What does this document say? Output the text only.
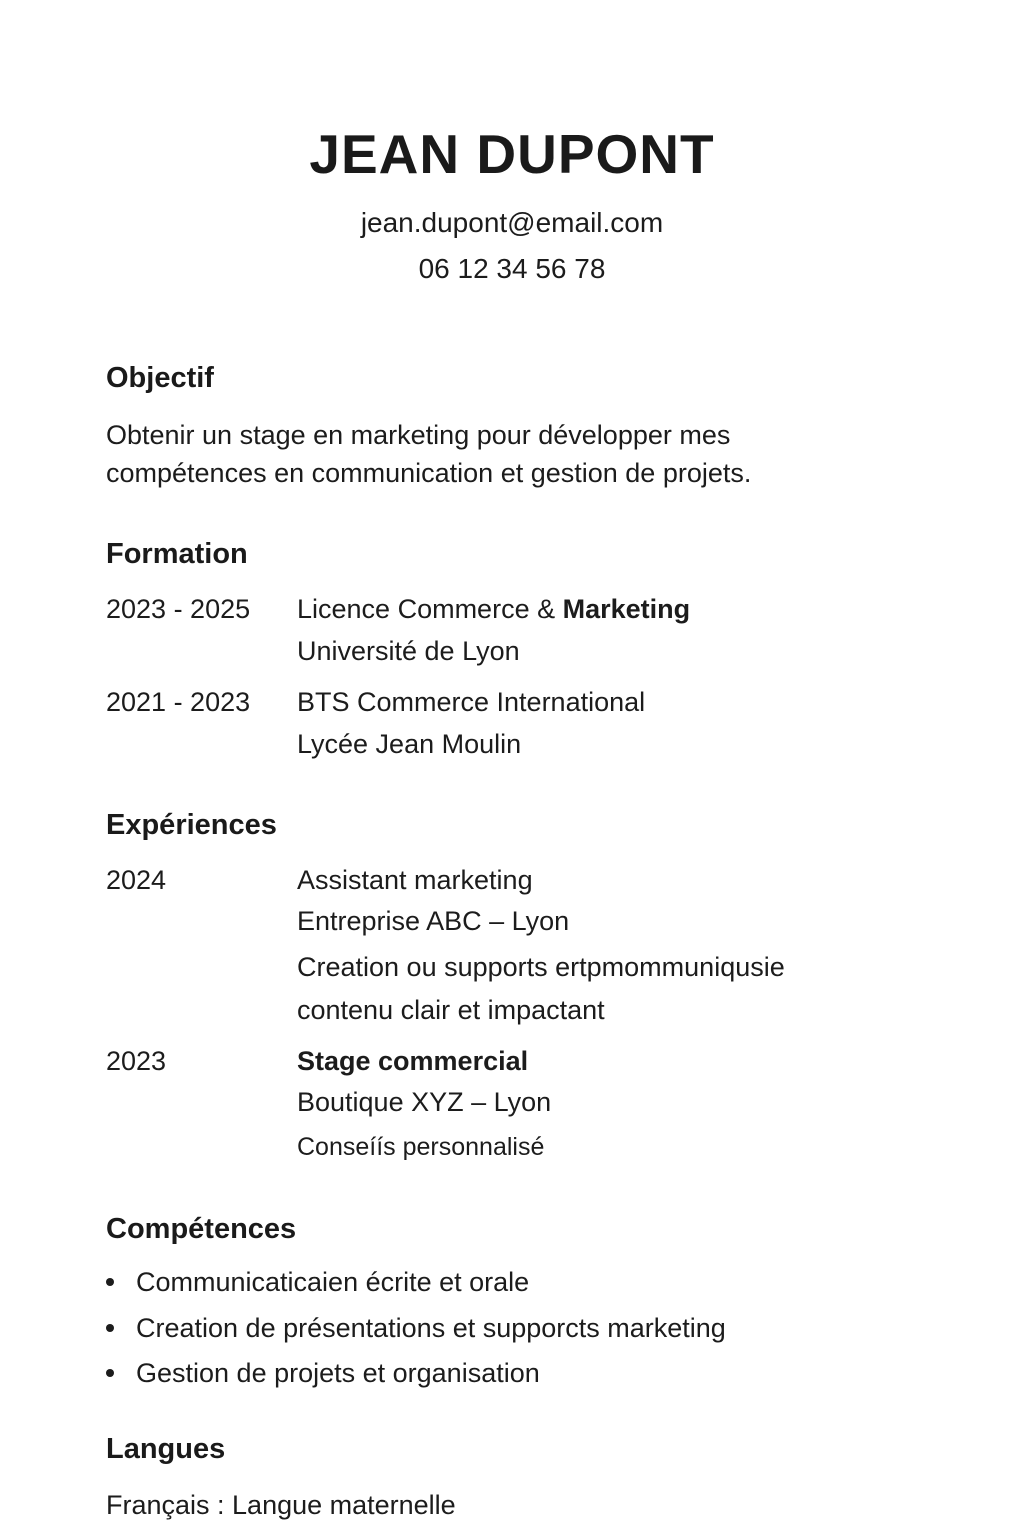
JEAN DUPONT
jean.dupont@email.com
06 12 34 56 78
Objectif
Obtenir un stage en marketing pour développer mes
compétences en communication et gestion de projets.
Formation
2023 - 2025 Licence Commerce & Marketing
Université de Lyon
2021 - 2023 BTS Commerce International
Lycée Jean Moulin
Expériences
2024	Assistant marketing
Entreprise ABC – Lyon
Creation ou supports ertpmommuniqusie
contenu clair et impactant
2023	Stage commercial
Boutique XYZ – Lyon
Conseíís personnalisé
Compétences
Communicaticaien écrite et orale
Creation de présentations et supporcts marketing
Gestion de projets et organisation
Langues
Français : Langue maternelle
